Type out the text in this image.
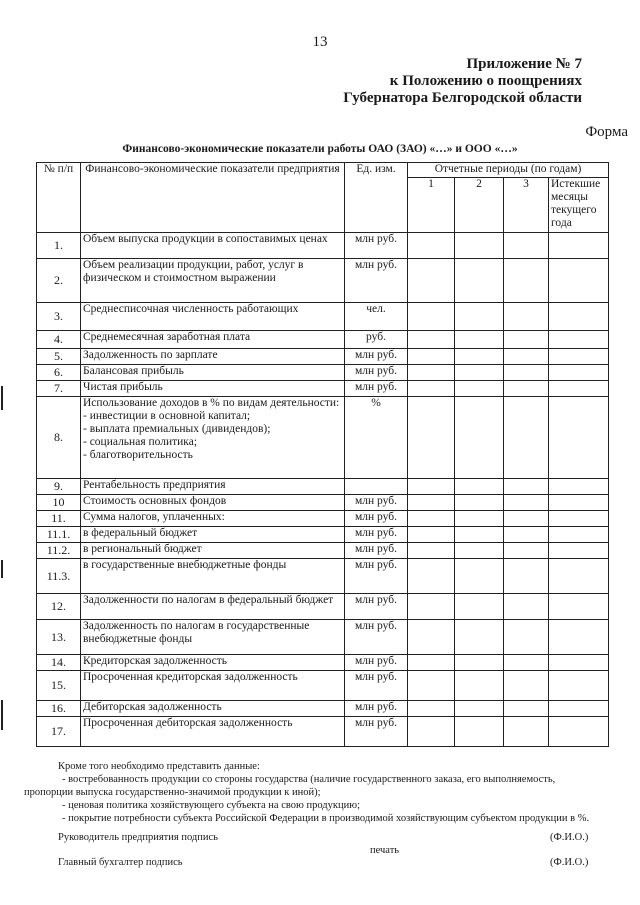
13
Приложение № 7
к Положению о поощрениях
Губернатора Белгородской области
Форма
Финансово-экономические показатели работы ОАО (ЗАО) «…» и ООО «…»
№ п/п	Финансово-экономические показатели предприятия	Ед. изм.	Отчетные периоды (по годам)			
			1	2	3	Истекшие месяцы текущего года
1.	Объем выпуска продукции в сопоставимых ценах	млн руб.				
2.	Объем реализации продукции, работ, услуг в физическом и стоимостном выражении	млн руб.				
3.	Среднесписочная численность работающих	чел.				
4.	Среднемесячная заработная плата	руб.				
5.	Задолженность по зарплате	млн руб.				
6.	Балансовая прибыль	млн руб.				
7.	Чистая прибыль	млн руб.				
8.	Использование доходов в % по видам деятельности:
- инвестиции в основной капитал;
- выплата премиальных (дивидендов);
- социальная политика;
- благотворительность	%				
9.	Рентабельность предприятия					
10	Стоимость основных фондов	млн руб.				
11.	Сумма налогов, уплаченных:	млн руб.				
11.1.	в федеральный бюджет	млн руб.				
11.2.	в региональный бюджет	млн руб.				
11.3.	в государственные внебюджетные фонды	млн руб.				
12.	Задолженности по налогам в федеральный бюджет	млн руб.				
13.	Задолженность по налогам в государственные внебюджетные фонды	млн руб.				
14.	Кредиторская задолженность	млн руб.				
15.	Просроченная кредиторская задолженность	млн руб.				
16.	Дебиторская задолженность	млн руб.				
17.	Просроченная дебиторская задолженность	млн руб.				
Кроме того необходимо представить данные:
- востребованность продукции со стороны государства (наличие государственного заказа, его выполняемость,
пропорции выпуска государственно-значимой продукции к иной);
- ценовая политика хозяйствующего субъекта на свою продукцию;
- покрытие потребности субъекта Российской Федерации в производимой хозяйствующим субъектом продукции в %.
Руководитель предприятия подпись	(Ф.И.О.)
печать
Главный бухгалтер подпись	(Ф.И.О.)
